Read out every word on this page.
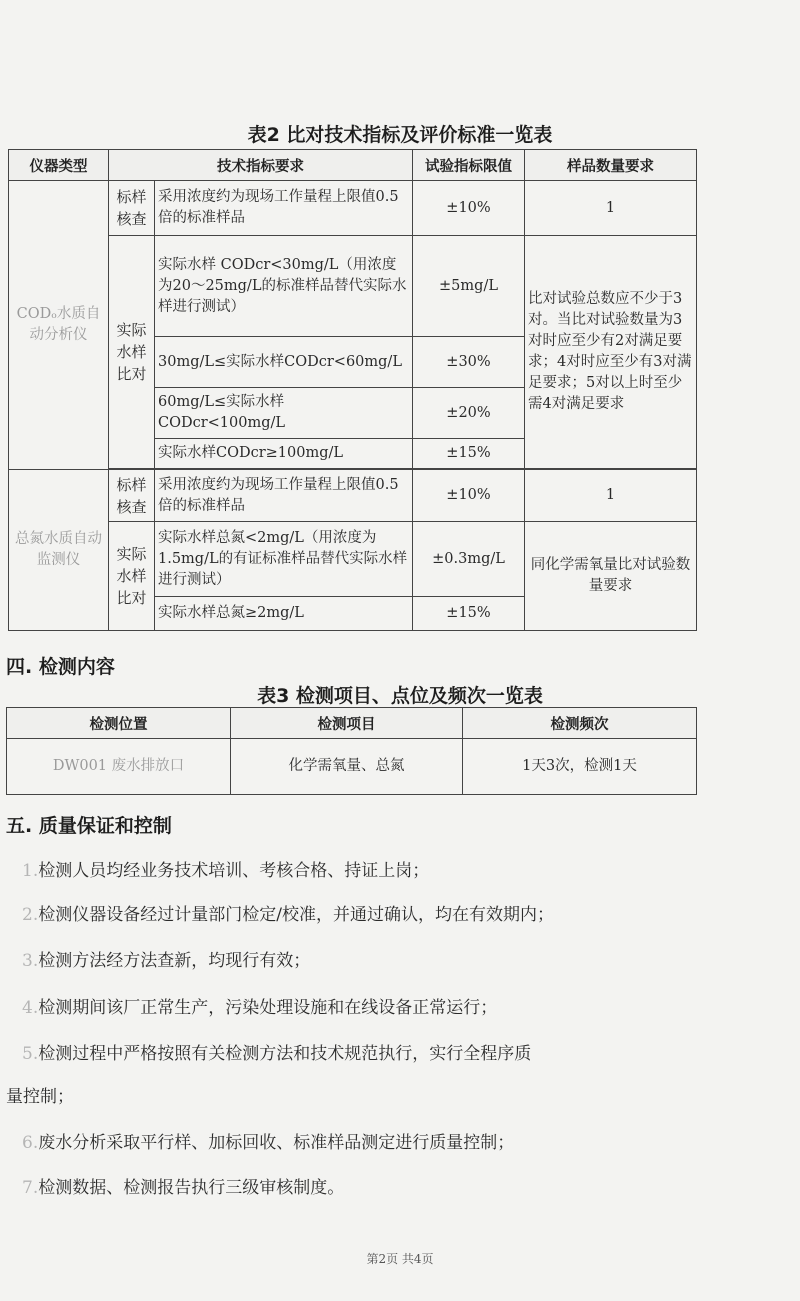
表2 比对技术指标及评价标准一览表
仪器类型	技术指标要求		试验指标限值	样品数量要求
CODₒ水质自动分析仪	标样核查	采用浓度约为现场工作量程上限值0.5倍的标准样品	±10%	1
	实际水样比对	实际水样 CODcr<30mg/L（用浓度为20～25mg/L的标准样品替代实际水样进行测试）	±5mg/L	比对试验总数应不少于3对。当比对试验数量为3对时应至少有2对满足要求；4对时应至少有3对满足要求；5对以上时至少需4对满足要求
		30mg/L≤实际水样CODcr<60mg/L	±30%	
		60mg/L≤实际水样CODcr<100mg/L	±20%	
		实际水样CODcr≥100mg/L	±15%	

总氮水质自动监测仪	标样核查	采用浓度约为现场工作量程上限值0.5倍的标准样品	±10%	1
	实际水样比对	实际水样总氮<2mg/L（用浓度为1.5mg/L的有证标准样品替代实际水样进行测试）	±0.3mg/L	同化学需氧量比对试验数量要求
		实际水样总氮≥2mg/L	±15%	
四. 检测内容
表3 检测项目、点位及频次一览表
检测位置	检测项目	检测频次
DW001 废水排放口	化学需氧量、总氮	1天3次，检测1天
五. 质量保证和控制
1.检测人员均经业务技术培训、考核合格、持证上岗；
2.检测仪器设备经过计量部门检定/校准，并通过确认，均在有效期内；
3.检测方法经方法查新，均现行有效；
4.检测期间该厂正常生产，污染处理设施和在线设备正常运行；
5.检测过程中严格按照有关检测方法和技术规范执行，实行全程序质
量控制；
6.废水分析采取平行样、加标回收、标准样品测定进行质量控制；
7.检测数据、检测报告执行三级审核制度。
第2页 共4页
